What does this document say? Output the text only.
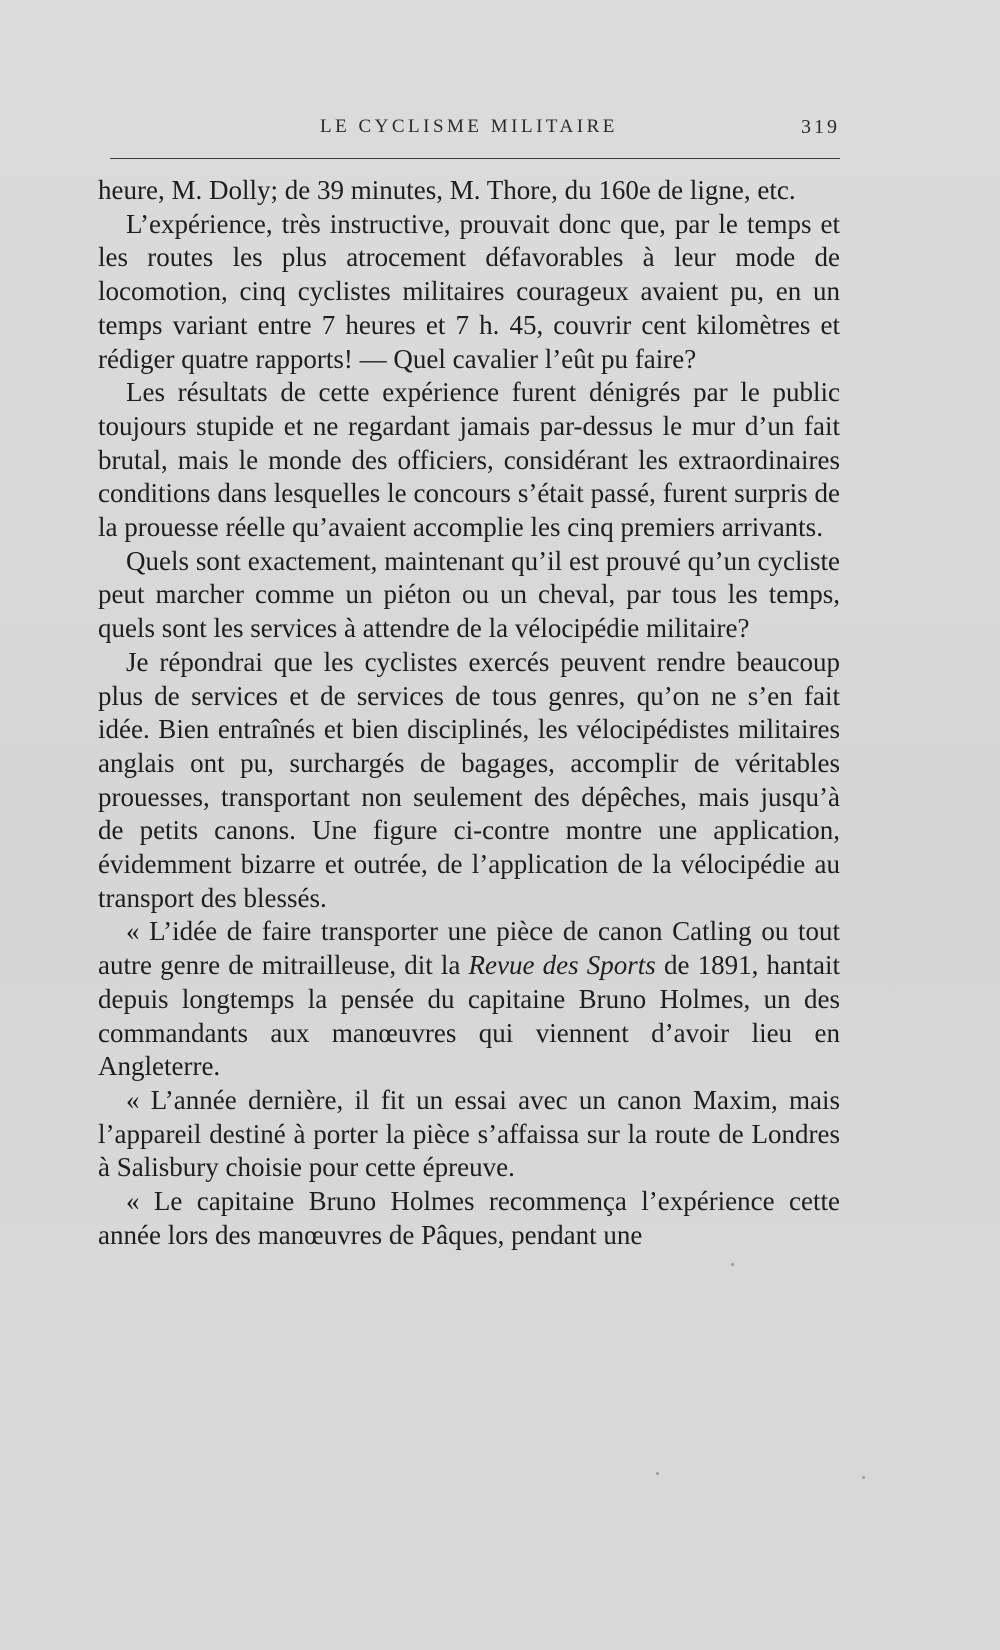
LE CYCLISME MILITAIRE	319

heure, M. Dolly; de 39 minutes, M. Thore, du 160e de ligne, etc.

L’expérience, très instructive, prouvait donc que, par le temps et les routes les plus atrocement défavorables à leur mode de locomotion, cinq cyclistes militaires courageux avaient pu, en un temps variant entre 7 heures et 7 h. 45, couvrir cent kilomètres et rédiger quatre rapports! — Quel cavalier l’eût pu faire?

Les résultats de cette expérience furent dénigrés par le public toujours stupide et ne regardant jamais par-dessus le mur d’un fait brutal, mais le monde des officiers, considérant les extraordinaires conditions dans lesquelles le concours s’était passé, furent surpris de la prouesse réelle qu’avaient accomplie les cinq premiers arrivants.

Quels sont exactement, maintenant qu’il est prouvé qu’un cycliste peut marcher comme un piéton ou un cheval, par tous les temps, quels sont les services à attendre de la vélocipédie militaire?

Je répondrai que les cyclistes exercés peuvent rendre beaucoup plus de services et de services de tous genres, qu’on ne s’en fait idée. Bien entraînés et bien disciplinés, les vélocipédistes militaires anglais ont pu, surchargés de bagages, accomplir de véritables prouesses, transportant non seulement des dépêches, mais jusqu’à de petits canons. Une figure ci-contre montre une application, évidemment bizarre et outrée, de l’application de la vélocipédie au transport des blessés.

« L’idée de faire transporter une pièce de canon Catling ou tout autre genre de mitrailleuse, dit la Revue des Sports de 1891, hantait depuis longtemps la pensée du capitaine Bruno Holmes, un des commandants aux manœuvres qui viennent d’avoir lieu en Angleterre.

« L’année dernière, il fit un essai avec un canon Maxim, mais l’appareil destiné à porter la pièce s’affaissa sur la route de Londres à Salisbury choisie pour cette épreuve.

« Le capitaine Bruno Holmes recommença l’expérience cette année lors des manœuvres de Pâques, pendant une
